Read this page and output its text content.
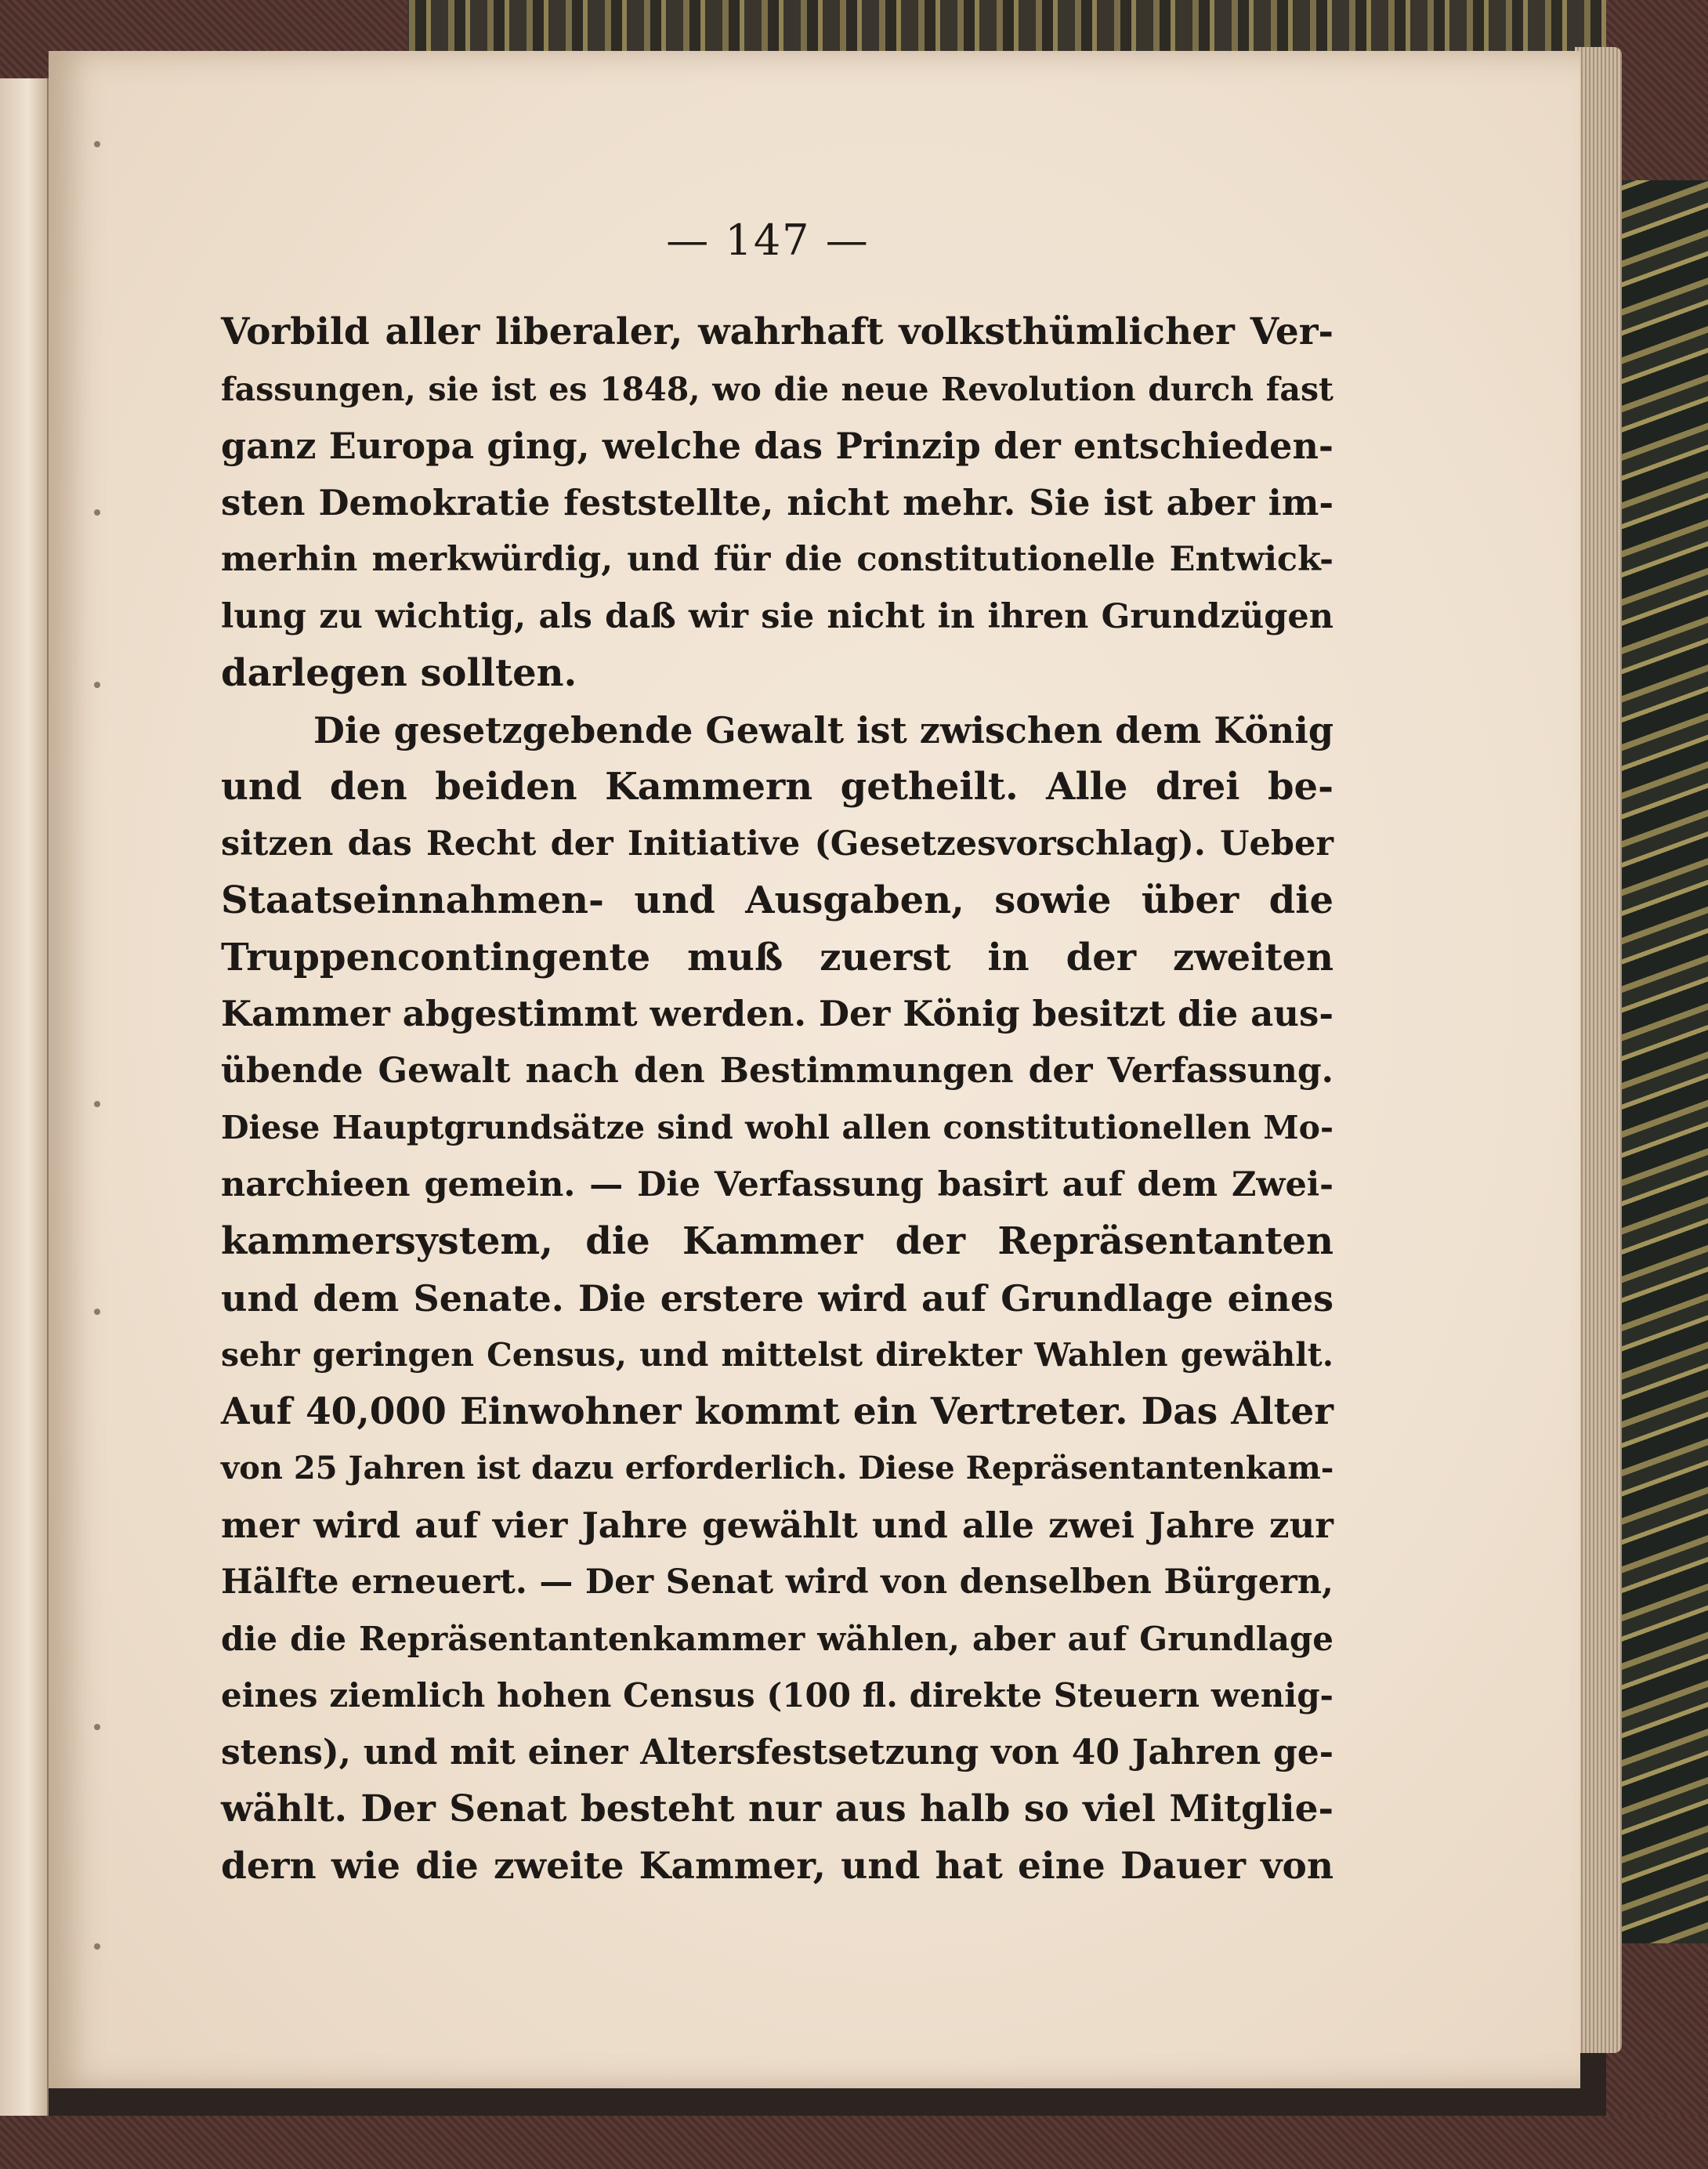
— 147 —
Vorbild aller liberaler, wahrhaft volksthümlicher Ver-
fassungen, sie ist es 1848, wo die neue Revolution durch fast
ganz Europa ging, welche das Prinzip der entschieden-
sten Demokratie feststellte, nicht mehr. Sie ist aber im-
merhin merkwürdig, und für die constitutionelle Entwick-
lung zu wichtig, als daß wir sie nicht in ihren Grundzügen
darlegen sollten.
Die gesetzgebende Gewalt ist zwischen dem König
und den beiden Kammern getheilt. Alle drei be-
sitzen das Recht der Initiative (Gesetzesvorschlag). Ueber
Staatseinnahmen- und Ausgaben, sowie über die
Truppencontingente muß zuerst in der zweiten
Kammer abgestimmt werden. Der König besitzt die aus-
übende Gewalt nach den Bestimmungen der Verfassung.
Diese Hauptgrundsätze sind wohl allen constitutionellen Mo-
narchieen gemein. — Die Verfassung basirt auf dem Zwei-
kammersystem, die Kammer der Repräsentanten
und dem Senate. Die erstere wird auf Grundlage eines
sehr geringen Census, und mittelst direkter Wahlen gewählt.
Auf 40,000 Einwohner kommt ein Vertreter. Das Alter
von 25 Jahren ist dazu erforderlich. Diese Repräsentantenkam-
mer wird auf vier Jahre gewählt und alle zwei Jahre zur
Hälfte erneuert. — Der Senat wird von denselben Bürgern,
die die Repräsentantenkammer wählen, aber auf Grundlage
eines ziemlich hohen Census (100 fl. direkte Steuern wenig-
stens), und mit einer Altersfestsetzung von 40 Jahren ge-
wählt. Der Senat besteht nur aus halb so viel Mitglie-
dern wie die zweite Kammer, und hat eine Dauer von
